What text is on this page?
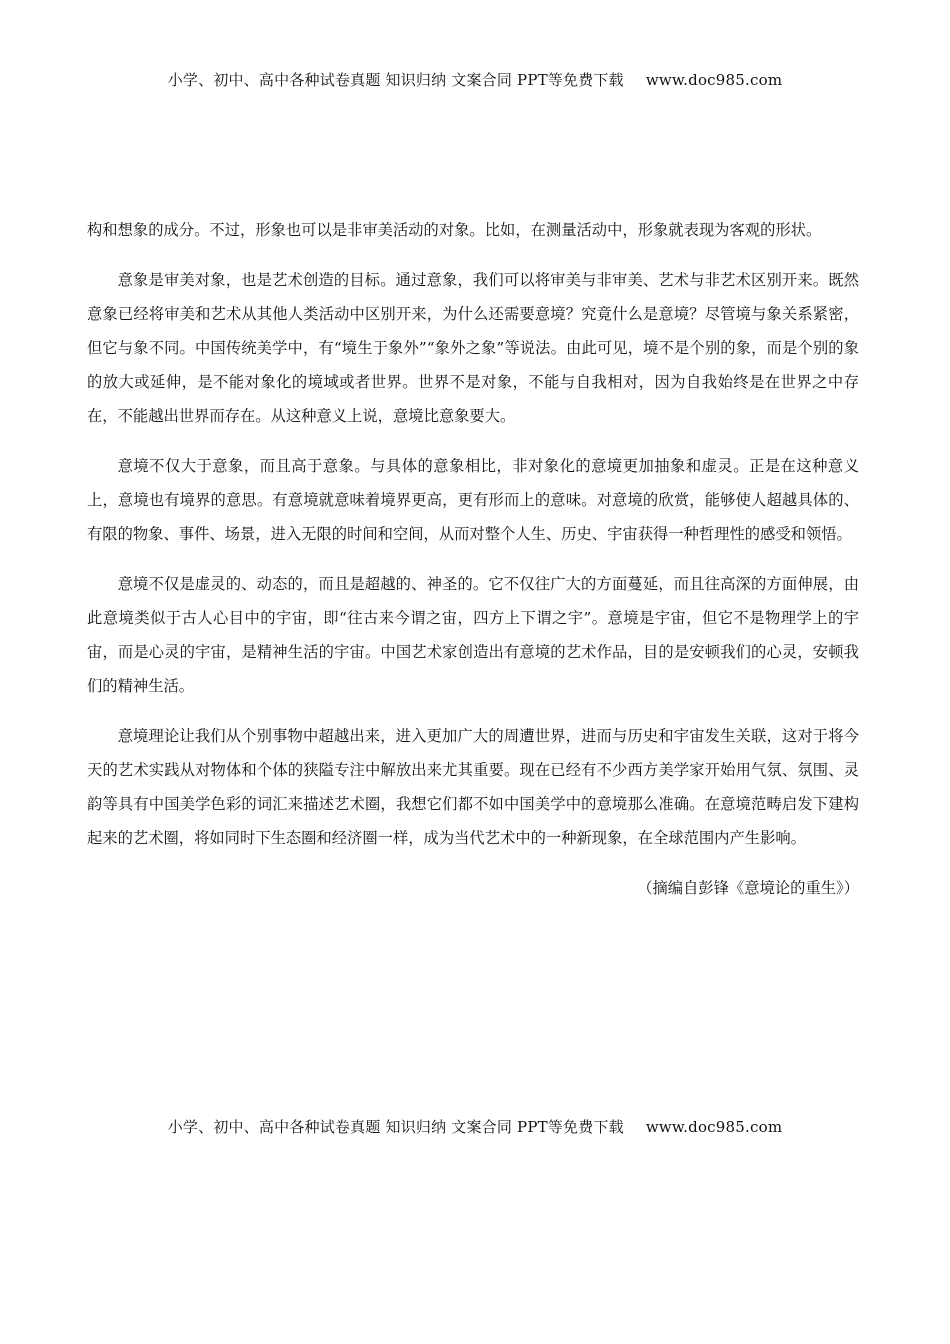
小学、初中、高中各种试卷真题 知识归纳 文案合同 PPT等免费下载 www.doc985.com

构和想象的成分。不过，形象也可以是非审美活动的对象。比如，在测量活动中，形象就表现为客观的形状。

意象是审美对象，也是艺术创造的目标。通过意象，我们可以将审美与非审美、艺术与非艺术区别开来。既然意象已经将审美和艺术从其他人类活动中区别开来，为什么还需要意境？究竟什么是意境？尽管境与象关系紧密，但它与象不同。中国传统美学中，有“境生于象外”“象外之象”等说法。由此可见，境不是个别的象，而是个别的象的放大或延伸，是不能对象化的境域或者世界。世界不是对象，不能与自我相对，因为自我始终是在世界之中存在，不能越出世界而存在。从这种意义上说，意境比意象要大。

意境不仅大于意象，而且高于意象。与具体的意象相比，非对象化的意境更加抽象和虚灵。正是在这种意义上，意境也有境界的意思。有意境就意味着境界更高，更有形而上的意味。对意境的欣赏，能够使人超越具体的、有限的物象、事件、场景，进入无限的时间和空间，从而对整个人生、历史、宇宙获得一种哲理性的感受和领悟。

意境不仅是虚灵的、动态的，而且是超越的、神圣的。它不仅往广大的方面蔓延，而且往高深的方面伸展，由此意境类似于古人心目中的宇宙，即“往古来今谓之宙，四方上下谓之宇”。意境是宇宙，但它不是物理学上的宇宙，而是心灵的宇宙，是精神生活的宇宙。中国艺术家创造出有意境的艺术作品，目的是安顿我们的心灵，安顿我们的精神生活。

意境理论让我们从个别事物中超越出来，进入更加广大的周遭世界，进而与历史和宇宙发生关联，这对于将今天的艺术实践从对物体和个体的狭隘专注中解放出来尤其重要。现在已经有不少西方美学家开始用气氛、氛围、灵韵等具有中国美学色彩的词汇来描述艺术圈，我想它们都不如中国美学中的意境那么准确。在意境范畴启发下建构起来的艺术圈，将如同时下生态圈和经济圈一样，成为当代艺术中的一种新现象，在全球范围内产生影响。

（摘编自彭锋《意境论的重生》）

小学、初中、高中各种试卷真题 知识归纳 文案合同 PPT等免费下载 www.doc985.com
